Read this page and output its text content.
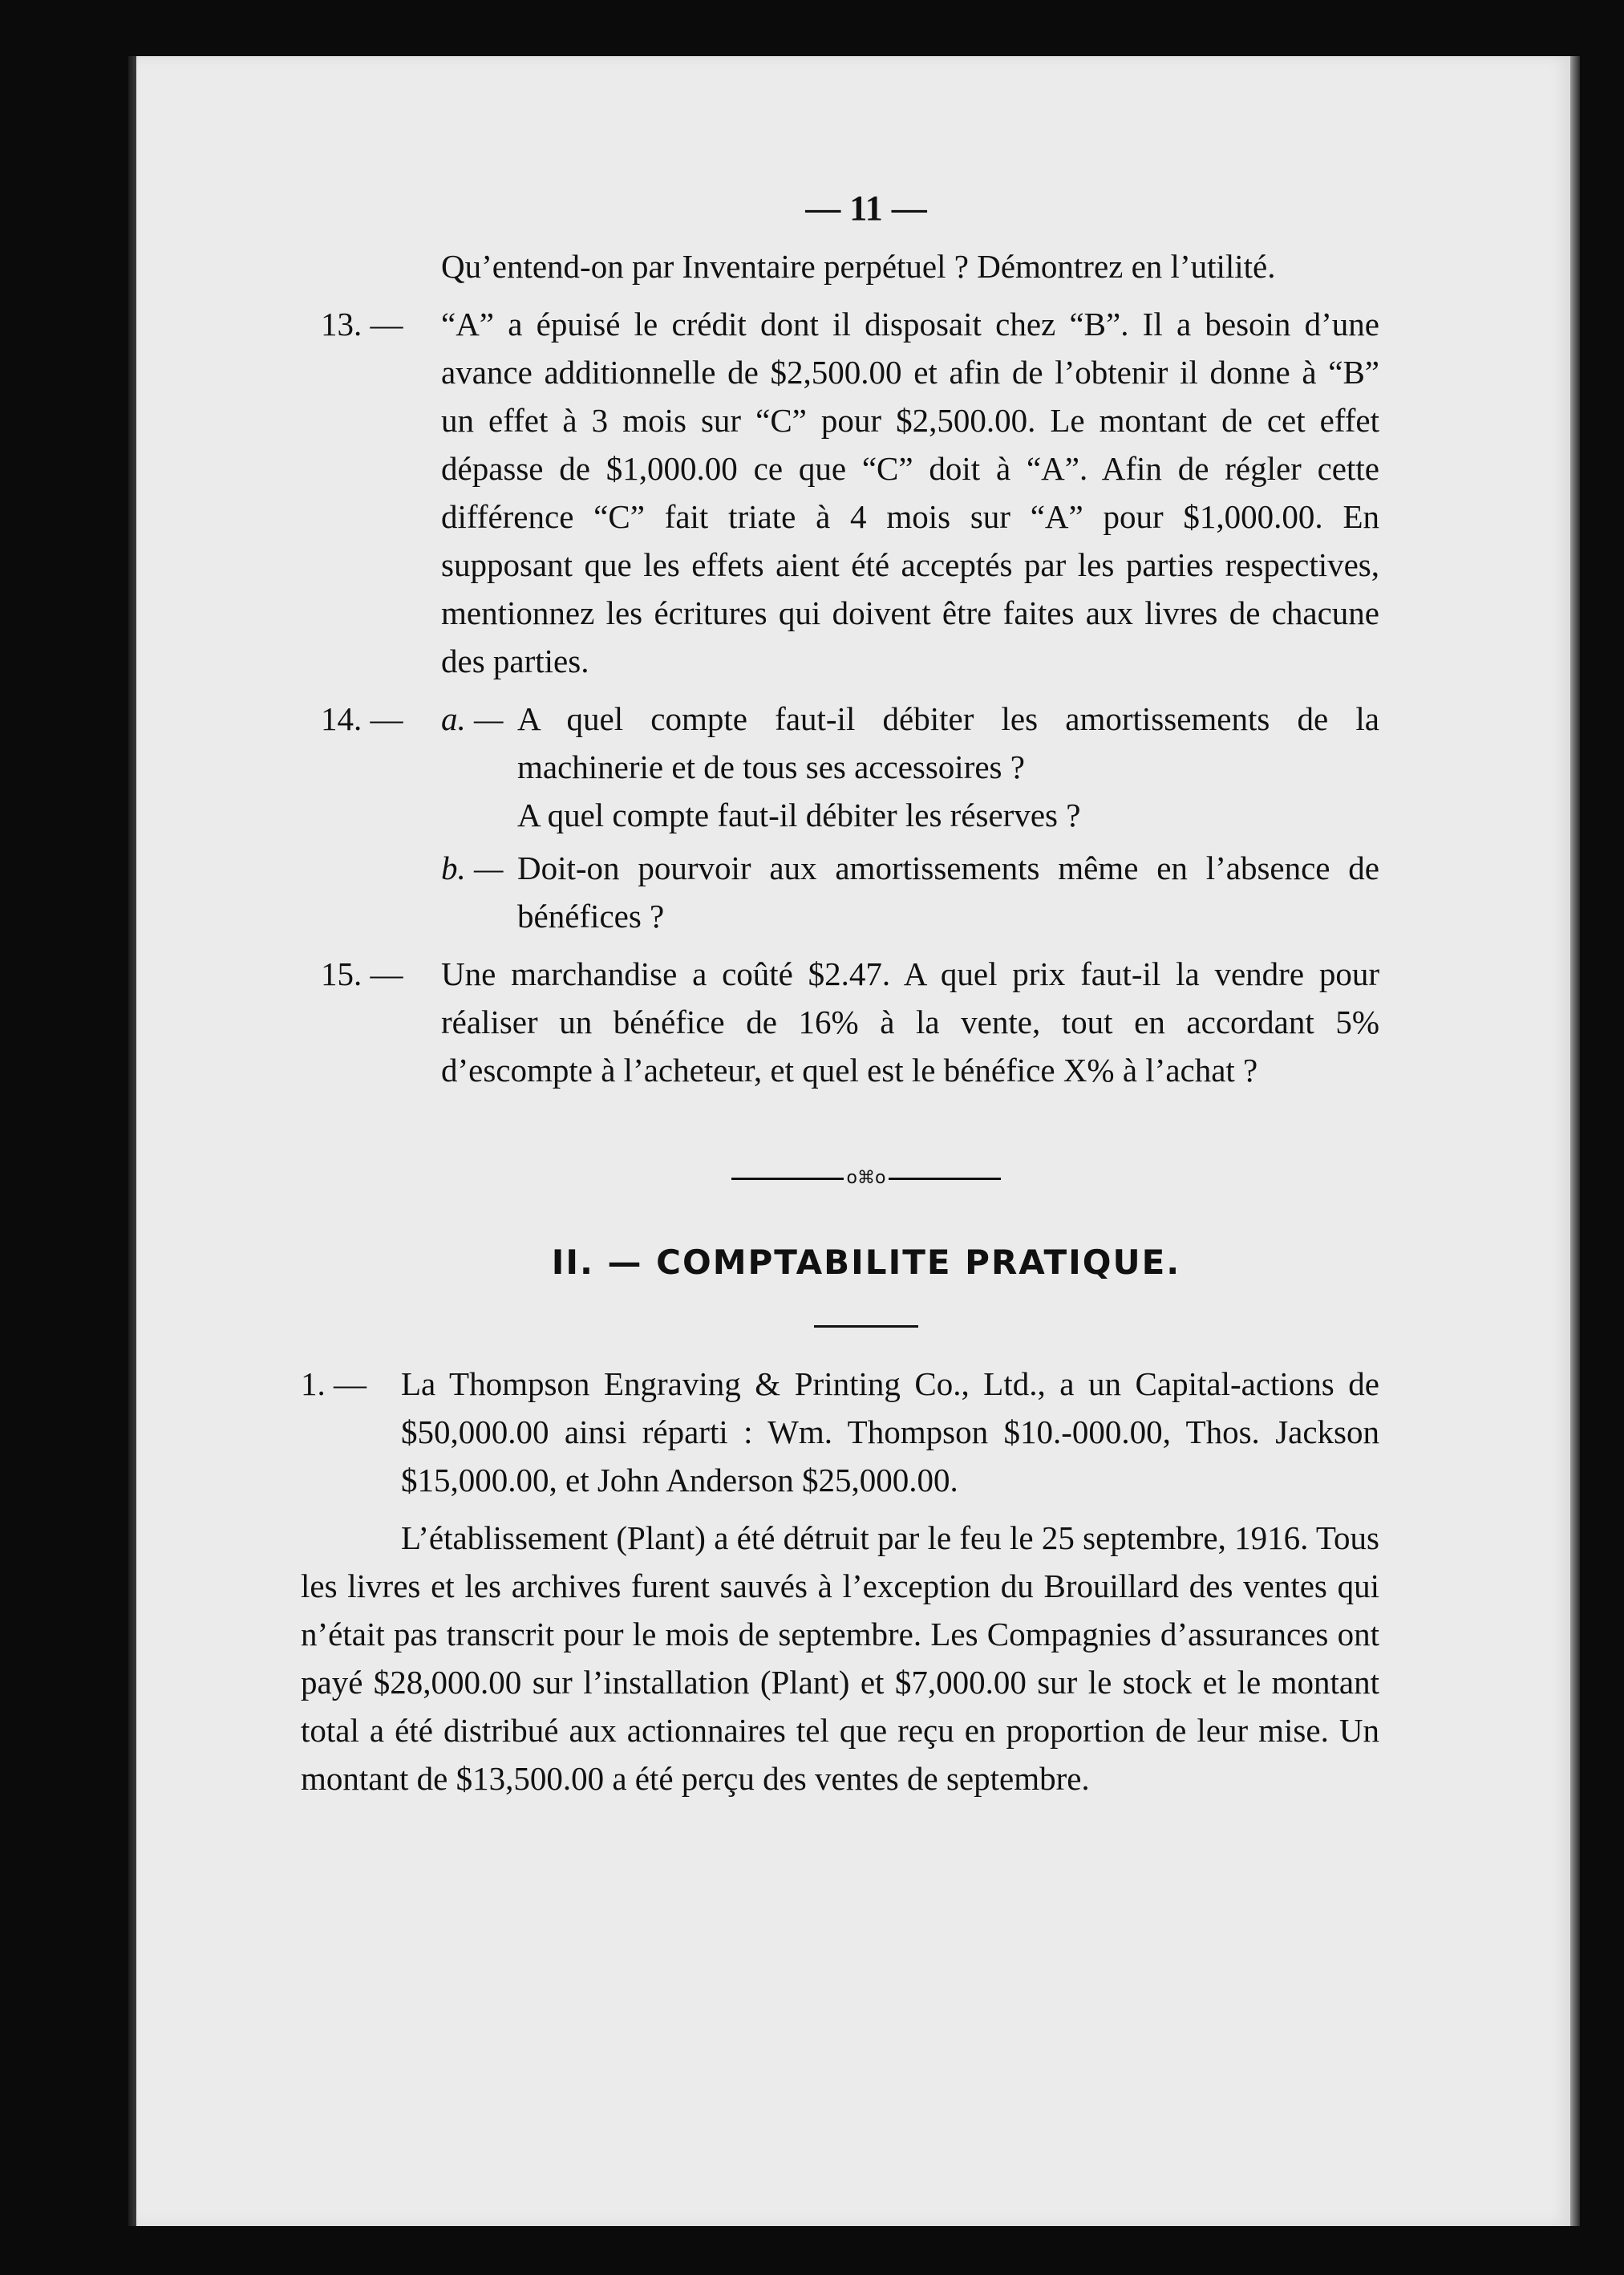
— 11 —

Qu’entend-on par Inventaire perpétuel ? Démontrez en l’utilité.

13. —	“A” a épuisé le crédit dont il disposait chez “B”. Il a besoin d’une avance additionnelle de $2,500.00 et afin de l’obtenir il donne à “B” un effet à 3 mois sur “C” pour $2,500.00. Le montant de cet effet dépasse de $1,000.00 ce que “C” doit à “A”. Afin de régler cette différence “C” fait triate à 4 mois sur “A” pour $1,000.00. En supposant que les effets aient été acceptés par les parties respectives, mentionnez les écritures qui doivent être faites aux livres de chacune des parties.
14. —	a. — A quel compte faut-il débiter les amortissements de la machinerie et de tous ses accessoires ?

A quel compte faut-il débiter les réserves ?

b. — Doit-on pourvoir aux amortissements même en l’absence de bénéfices ?
15. —	Une marchandise a coûté $2.47. A quel prix faut-il la vendre pour réaliser un bénéfice de 16% à la vente, tout en accordant 5% d’escompte à l’acheteur, et quel est le bénéfice X% à l’achat ?
o⌘o
II. — COMPTABILITE PRATIQUE.
1. —	La Thompson Engraving & Printing Co., Ltd., a un Capital-actions de $50,000.00 ainsi réparti : Wm. Thompson $10.-000.00, Thos. Jackson $15,000.00, et John Anderson $25,000.00.

L’établissement (Plant) a été détruit par le feu le 25 septembre, 1916. Tous les livres et les archives furent sauvés à l’exception du Brouillard des ventes qui n’était pas transcrit pour le mois de septembre. Les Compagnies d’assurances ont payé $28,000.00 sur l’installation (Plant) et $7,000.00 sur le stock et le montant total a été distribué aux actionnaires tel que reçu en proportion de leur mise. Un montant de $13,500.00 a été perçu des ventes de septembre.
